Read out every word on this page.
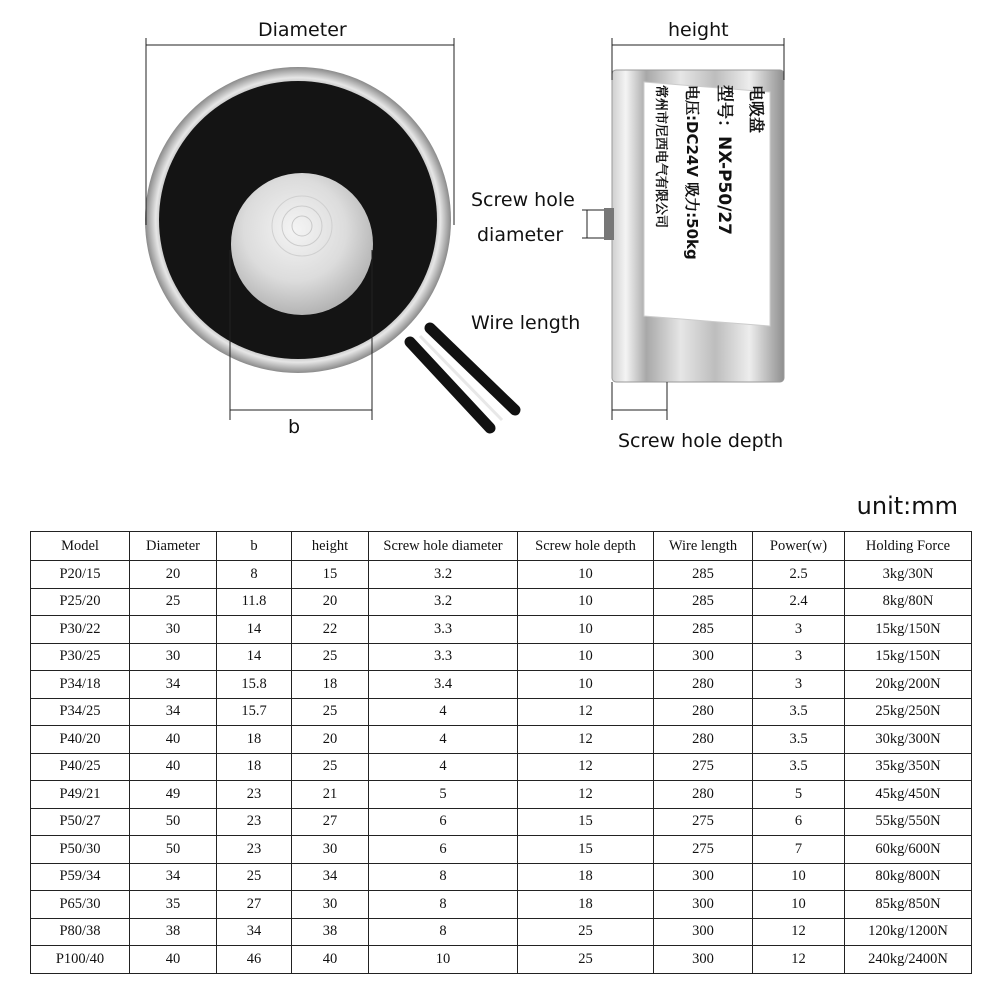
电吸盘
型号：NX-P50/27
电压:DC24V 吸力:50kg
常州市尼西电气有限公司
Diameter
b
height
Screw hole
diameter
Wire length
Screw hole depth
unit:mm
Model	Diameter	b	height	Screw hole diameter	Screw hole depth	Wire length	Power(w)	Holding Force
P20/15	20	8	15	3.2	10	285	2.5	3kg/30N
P25/20	25	11.8	20	3.2	10	285	2.4	8kg/80N
P30/22	30	14	22	3.3	10	285	3	15kg/150N
P30/25	30	14	25	3.3	10	300	3	15kg/150N
P34/18	34	15.8	18	3.4	10	280	3	20kg/200N
P34/25	34	15.7	25	4	12	280	3.5	25kg/250N
P40/20	40	18	20	4	12	280	3.5	30kg/300N
P40/25	40	18	25	4	12	275	3.5	35kg/350N
P49/21	49	23	21	5	12	280	5	45kg/450N
P50/27	50	23	27	6	15	275	6	55kg/550N
P50/30	50	23	30	6	15	275	7	60kg/600N
P59/34	34	25	34	8	18	300	10	80kg/800N
P65/30	35	27	30	8	18	300	10	85kg/850N
P80/38	38	34	38	8	25	300	12	120kg/1200N
P100/40	40	46	40	10	25	300	12	240kg/2400N
